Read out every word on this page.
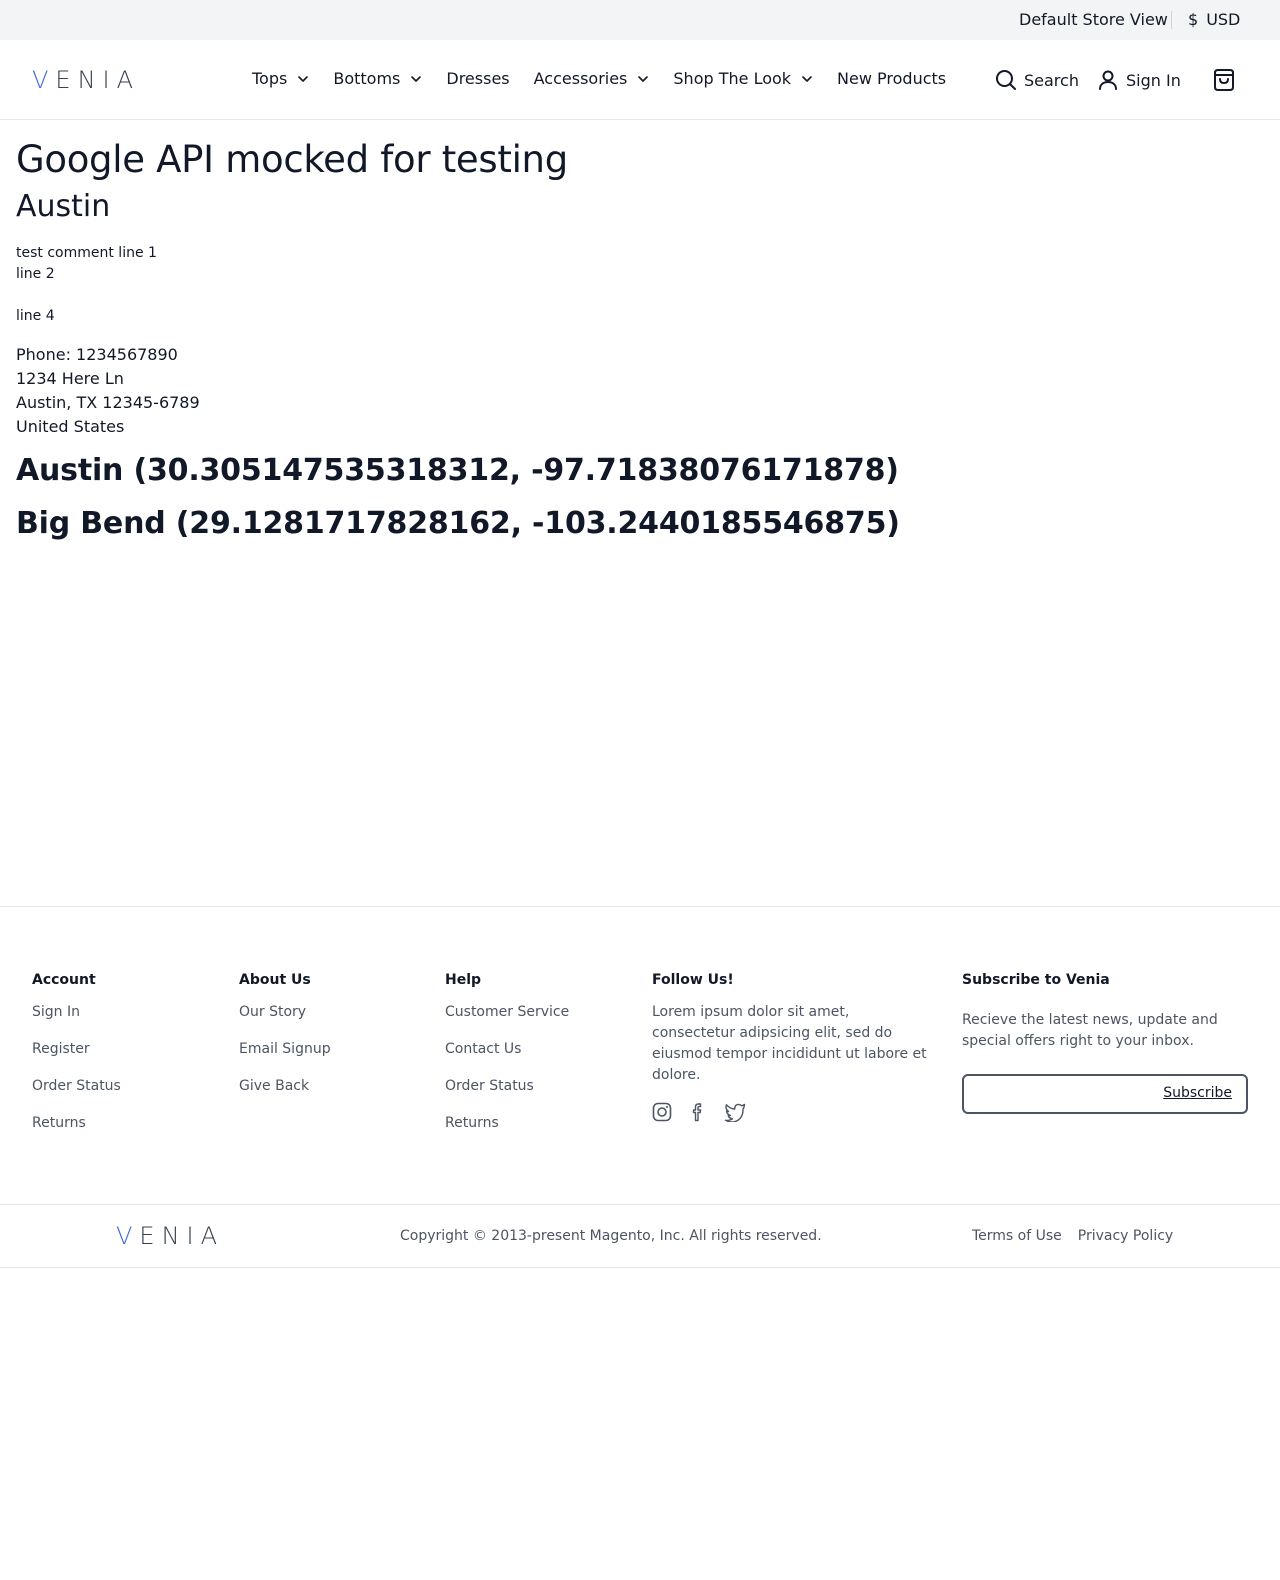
Default Store View $ USD
V E N I A	Tops	Bottoms	Dresses Accessories	Shop The Look	New Products	Search	Sign In
Google API mocked for testing
Austin
test comment line 1
line 2
line 4
Phone: 1234567890
1234 Here Ln
Austin, TX 12345-6789
United States
Austin (30.305147535318312, -97.71838076171878)
Big Bend (29.1281717828162, -103.2440185546875)
Account
Sign In
Register
Order Status
Returns
About Us
Our Story
Email Signup
Give Back
Help
Customer Service
Contact Us
Order Status
Returns
Follow Us!

Lorem ipsum dolor sit amet, consectetur adipsicing elit, sed do eiusmod tempor incididunt ut labore et dolore.

Subscribe to Venia

Recieve the latest news, update and special offers right to your inbox.

Subscribe
V E N I A	Copyright © 2013-present Magento, Inc. All rights reserved.	Terms of Use Privacy Policy
